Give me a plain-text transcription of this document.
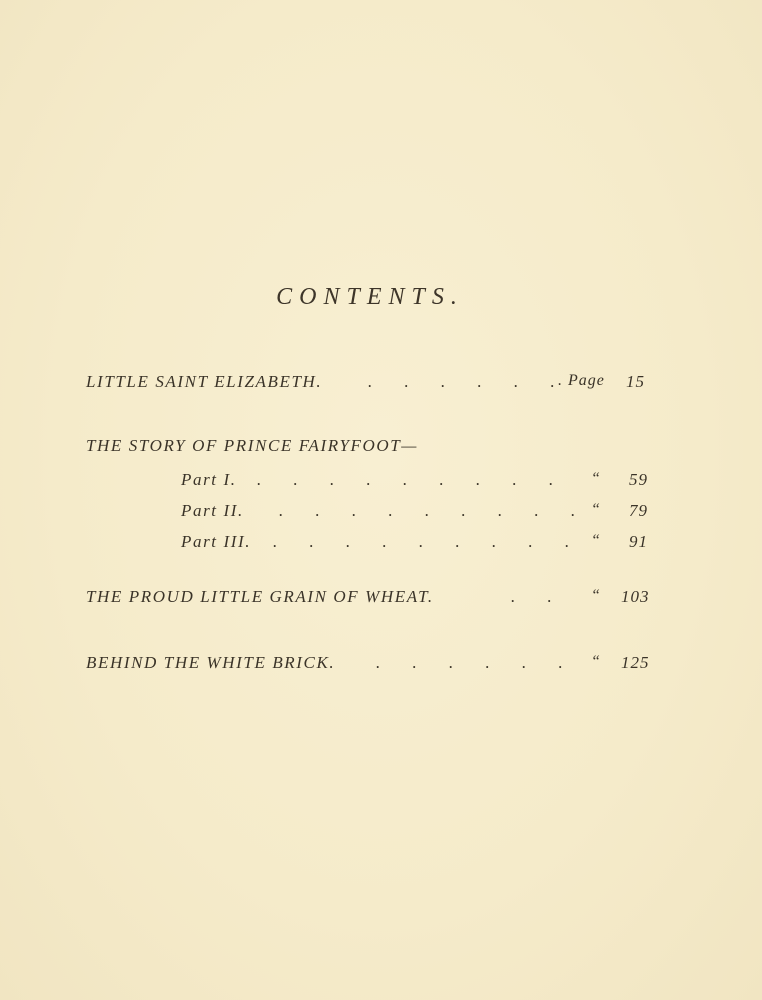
CONTENTS.
LITTLE SAINT ELIZABETH.	. . . . . .
. Page 15
THE STORY OF PRINCE FAIRYFOOT—
Part I. . . . . . . . . . “ 59
Part II. . . . . . . . . . “ 79
Part III. . . . . . . . . . “ 91
THE PROUD LITTLE GRAIN OF WHEAT.	. . “ 103
BEHIND THE WHITE BRICK. . . . . . . “ 125
